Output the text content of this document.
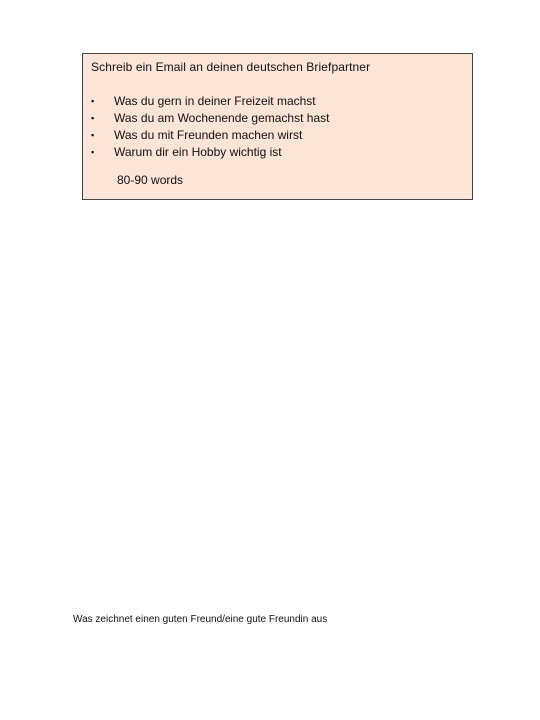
Schreib ein Email an deinen deutschen Briefpartner
▪ Was du gern in deiner Freizeit machst
▪ Was du am Wochenende gemachst hast
▪ Was du mit Freunden machen wirst
▪ Warum dir ein Hobby wichtig ist
80-90 words
Was zeichnet einen guten Freund/eine gute Freundin aus
